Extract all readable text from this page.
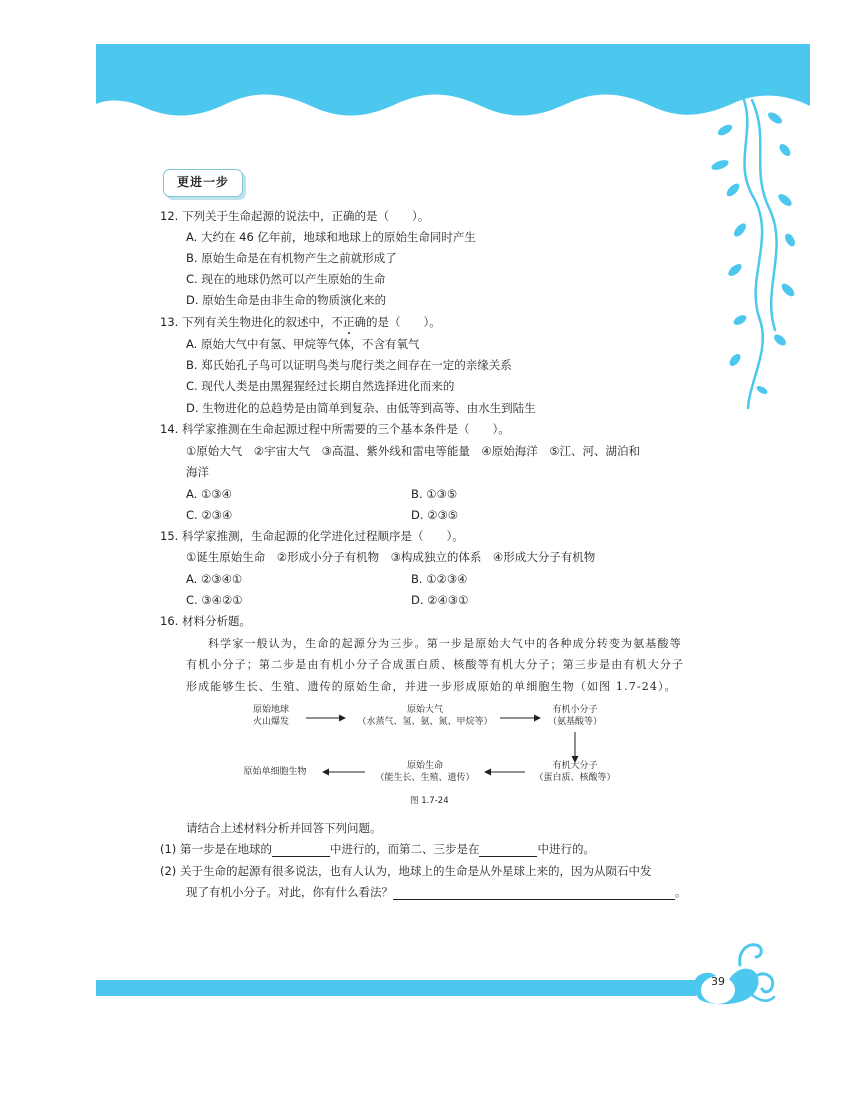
更进一步
12. 下列关于生命起源的说法中，正确的是（　　）。
A. 大约在 46 亿年前，地球和地球上的原始生命同时产生
B. 原始生命是在有机物产生之前就形成了
C. 现在的地球仍然可以产生原始的生命
D. 原始生命是由非生命的物质演化来的
13. 下列有关生物进化的叙述中，不正确的是（　　）。
A. 原始大气中有氢、甲烷等气体，不含有氧气
B. 郑氏始孔子鸟可以证明鸟类与爬行类之间存在一定的亲缘关系
C. 现代人类是由黑猩猩经过长期自然选择进化而来的
D. 生物进化的总趋势是由简单到复杂、由低等到高等、由水生到陆生
14. 科学家推测在生命起源过程中所需要的三个基本条件是（　　）。
①原始大气　②宇宙大气　③高温、紫外线和雷电等能量　④原始海洋　⑤江、河、湖泊和
海洋
A. ①③④	B. ①③⑤
C. ②③④	D. ②③⑤
15. 科学家推测，生命起源的化学进化过程顺序是（　　）。
①诞生原始生命　②形成小分子有机物　③构成独立的体系　④形成大分子有机物
A. ②③④①	B. ①②③④
C. ③④②①	D. ②④③①
16. 材料分析题。
科学家一般认为，生命的起源分为三步。第一步是原始大气中的各种成分转变为氨基酸等
有机小分子；第二步是由有机小分子合成蛋白质、核酸等有机大分子；第三步是由有机大分子
形成能够生长、生殖、遗传的原始生命，并进一步形成原始的单细胞生物（如图 1.7-24）。
原始地球
火山爆发
原始大气
（水蒸气、氢、氨、氮、甲烷等）
有机小分子
（氨基酸等）
有机大分子
（蛋白质、核酸等）
原始生命
（能生长、生殖、遗传）
原始单细胞生物
图 1.7-24
请结合上述材料分析并回答下列问题。
(1) 第一步是在地球的	中进行的，而第二、三步是在	中进行的。
(2) 关于生命的起源有很多说法，也有人认为，地球上的生命是从外星球上来的，因为从陨石中发
现了有机小分子。对此，你有什么看法？	。
39
